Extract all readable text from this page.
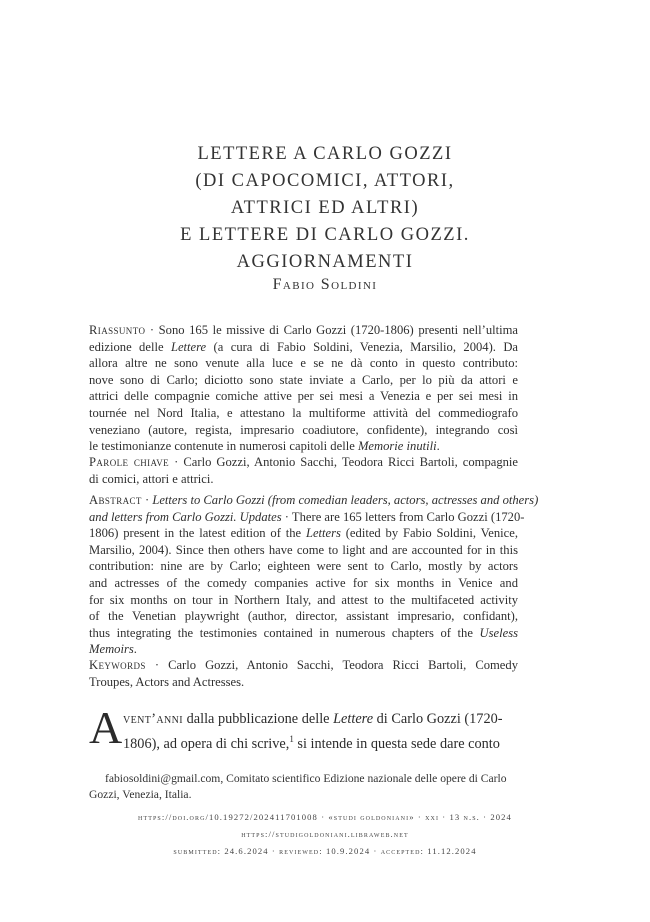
LETTERE A CARLO GOZZI
(DI CAPOCOMICI, ATTORI,
ATTRICI ED ALTRI)
E LETTERE DI CARLO GOZZI.
AGGIORNAMENTI
Fabio Soldini
Riassunto · Sono 165 le missive di Carlo Gozzi (1720-1806) presenti nell’ultima
edizione delle Lettere (a cura di Fabio Soldini, Venezia, Marsilio, 2004). Da
allora altre ne sono venute alla luce e se ne dà conto in questo contributo:
nove sono di Carlo; diciotto sono state inviate a Carlo, per lo più da attori e
attrici delle compagnie comiche attive per sei mesi a Venezia e per sei mesi in
tournée nel Nord Italia, e attestano la multiforme attività del commediografo
veneziano (autore, regista, impresario coadiutore, confidente), integrando così
le testimonianze contenute in numerosi capitoli delle Memorie inutili.
Parole chiave · Carlo Gozzi, Antonio Sacchi, Teodora Ricci Bartoli, compagnie
di comici, attori e attrici.
Abstract · Letters to Carlo Gozzi (from comedian leaders, actors, actresses and others)
and letters from Carlo Gozzi. Updates · There are 165 letters from Carlo Gozzi (1720-
1806) present in the latest edition of the Letters (edited by Fabio Soldini, Venice,
Marsilio, 2004). Since then others have come to light and are accounted for in this
contribution: nine are by Carlo; eighteen were sent to Carlo, mostly by actors
and actresses of the comedy companies active for six months in Venice and
for six months on tour in Northern Italy, and attest to the multifaceted activity
of the Venetian playwright (author, director, assistant impresario, confidant),
thus integrating the testimonies contained in numerous chapters of the Useless
Memoirs.
Keywords · Carlo Gozzi, Antonio Sacchi, Teodora Ricci Bartoli, Comedy
Troupes, Actors and Actresses.
A vent’anni dalla pubblicazione delle Lettere di Carlo Gozzi (1720-
1806), ad opera di chi scrive,$^1$ si intende in questa sede dare conto
fabiosoldini@gmail.com, Comitato scientifico Edizione nazionale delle opere di Carlo
Gozzi, Venezia, Italia.
https://doi.org/10.19272/202411701008 · «studi goldoniani» · xxi · 13 n.s. · 2024
https://studigoldoniani.libraweb.net
submitted: 24.6.2024 · reviewed: 10.9.2024 · accepted: 11.12.2024
